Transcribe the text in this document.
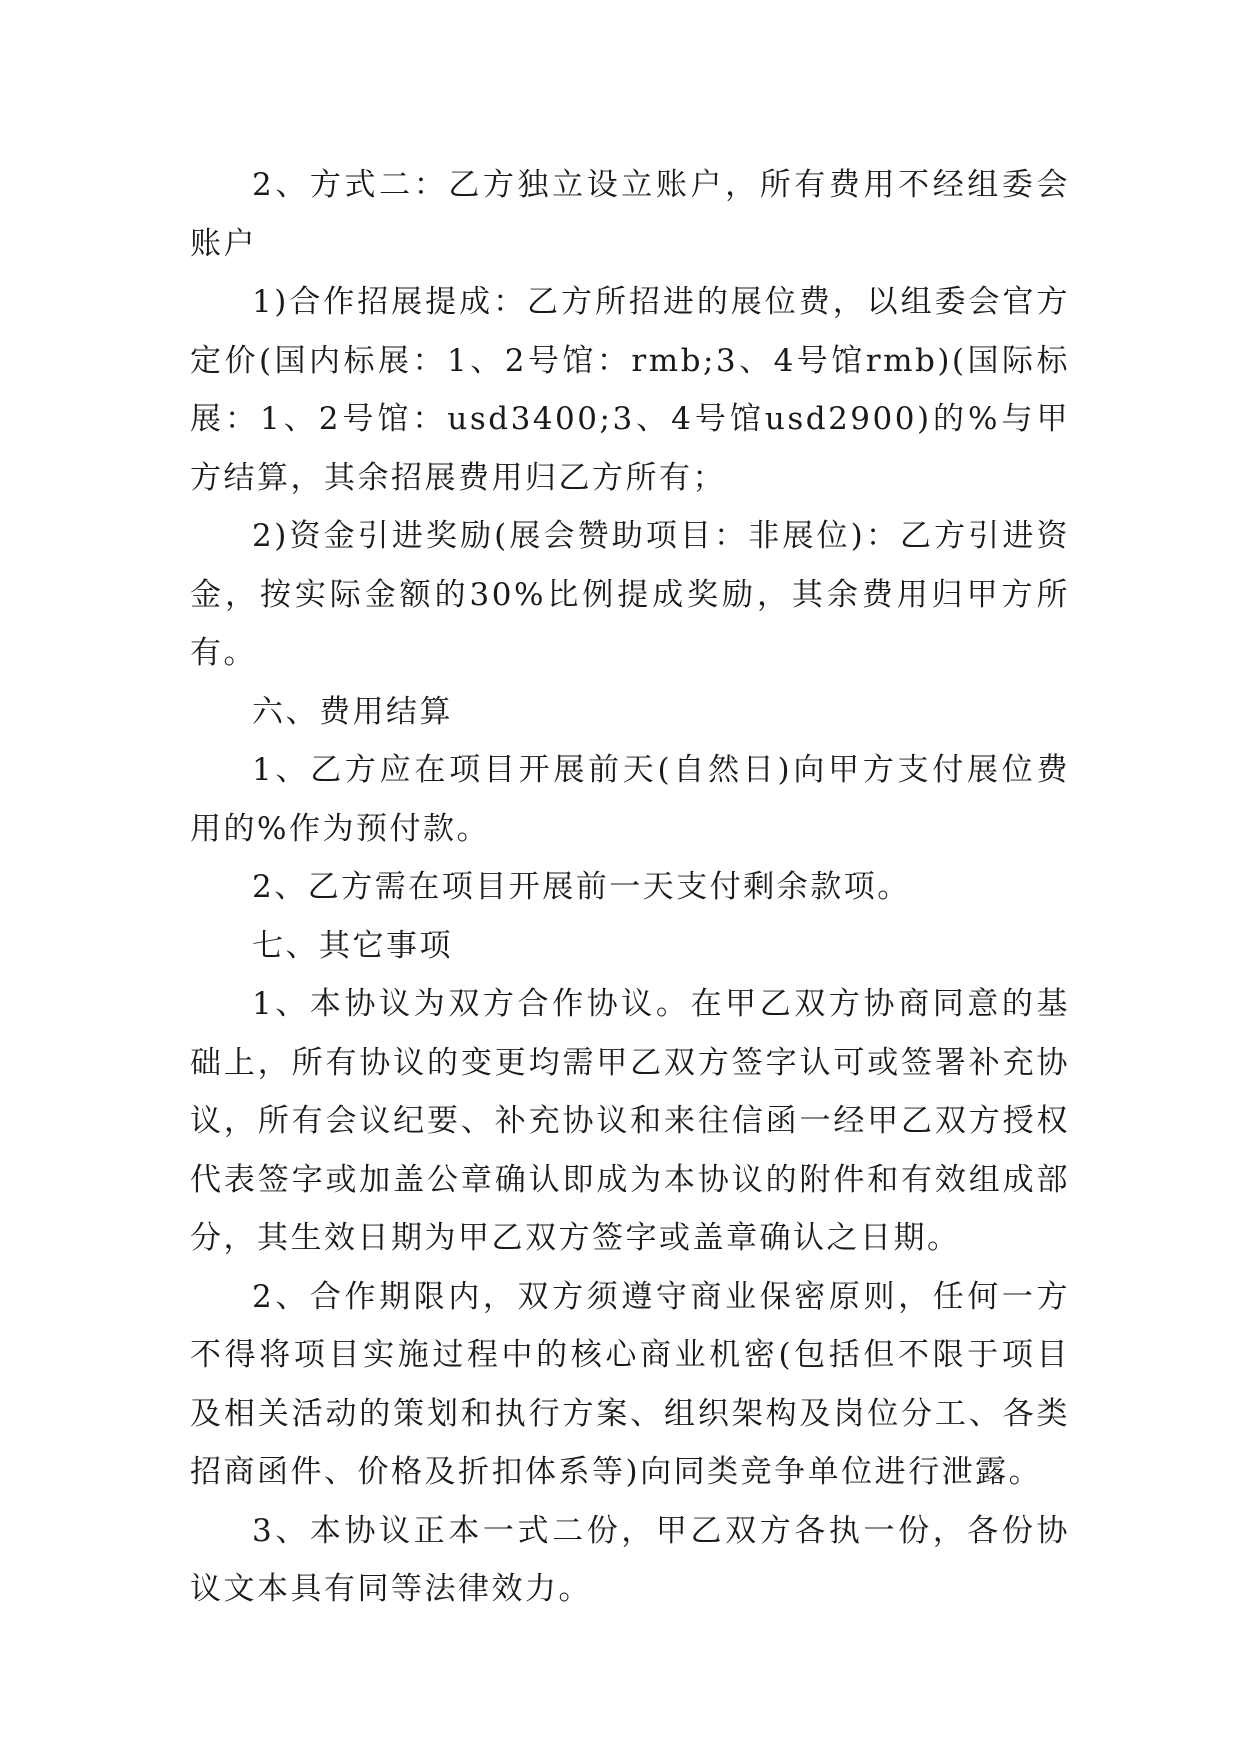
2、方式二：乙方独立设立账户，所有费用不经组委会账户

1)合作招展提成：乙方所招进的展位费，以组委会官方定价(国内标展：1、2号馆：rmb;3、4号馆rmb)(国际标展：1、2号馆：usd3400;3、4号馆usd2900)的%与甲方结算，其余招展费用归乙方所有；

2)资金引进奖励(展会赞助项目：非展位)：乙方引进资金，按实际金额的30%比例提成奖励，其余费用归甲方所有。

六、费用结算

1、乙方应在项目开展前天(自然日)向甲方支付展位费用的%作为预付款。

2、乙方需在项目开展前一天支付剩余款项。

七、其它事项

1、本协议为双方合作协议。在甲乙双方协商同意的基础上，所有协议的变更均需甲乙双方签字认可或签署补充协议，所有会议纪要、补充协议和来往信函一经甲乙双方授权代表签字或加盖公章确认即成为本协议的附件和有效组成部分，其生效日期为甲乙双方签字或盖章确认之日期。

2、合作期限内，双方须遵守商业保密原则，任何一方不得将项目实施过程中的核心商业机密(包括但不限于项目及相关活动的策划和执行方案、组织架构及岗位分工、各类招商函件、价格及折扣体系等)向同类竞争单位进行泄露。

3、本协议正本一式二份，甲乙双方各执一份，各份协议文本具有同等法律效力。
